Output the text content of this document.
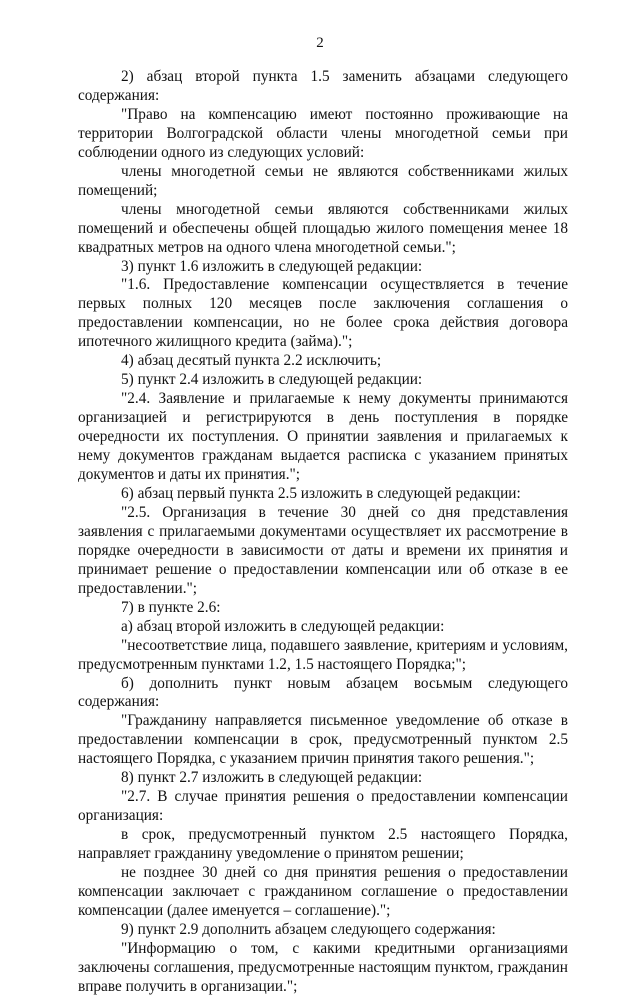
2

2) абзац второй пункта 1.5 заменить абзацами следующего содержания:

"Право на компенсацию имеют постоянно проживающие на территории Волгоградской области члены многодетной семьи при соблюдении одного из следующих условий:

члены многодетной семьи не являются собственниками жилых помещений;

члены многодетной семьи являются собственниками жилых помещений и обеспечены общей площадью жилого помещения менее 18 квадратных метров на одного члена многодетной семьи.";

3) пункт 1.6 изложить в следующей редакции:

"1.6. Предоставление компенсации осуществляется в течение первых полных 120 месяцев после заключения соглашения о предоставлении компенсации, но не более срока действия договора ипотечного жилищного кредита (займа).";

4) абзац десятый пункта 2.2 исключить;

5) пункт 2.4 изложить в следующей редакции:

"2.4. Заявление и прилагаемые к нему документы принимаются организацией и регистрируются в день поступления в порядке очередности их поступления. О принятии заявления и прилагаемых к нему документов гражданам выдается расписка с указанием принятых документов и даты их принятия.";

6) абзац первый пункта 2.5 изложить в следующей редакции:

"2.5. Организация в течение 30 дней со дня представления заявления с прилагаемыми документами осуществляет их рассмотрение в порядке очередности в зависимости от даты и времени их принятия и принимает решение о предоставлении компенсации или об отказе в ее предоставлении.";

7) в пункте 2.6:

а) абзац второй изложить в следующей редакции:

"несоответствие лица, подавшего заявление, критериям и условиям, предусмотренным пунктами 1.2, 1.5 настоящего Порядка;";

б) дополнить пункт новым абзацем восьмым следующего содержания:

"Гражданину направляется письменное уведомление об отказе в предоставлении компенсации в срок, предусмотренный пунктом 2.5 настоящего Порядка, с указанием причин принятия такого решения.";

8) пункт 2.7 изложить в следующей редакции:

"2.7. В случае принятия решения о предоставлении компенсации организация:

в срок, предусмотренный пунктом 2.5 настоящего Порядка, направляет гражданину уведомление о принятом решении;

не позднее 30 дней со дня принятия решения о предоставлении компенсации заключает с гражданином соглашение о предоставлении компенсации (далее именуется – соглашение).";

9) пункт 2.9 дополнить абзацем следующего содержания:

"Информацию о том, с какими кредитными организациями заключены соглашения, предусмотренные настоящим пунктом, гражданин вправе получить в организации.";
